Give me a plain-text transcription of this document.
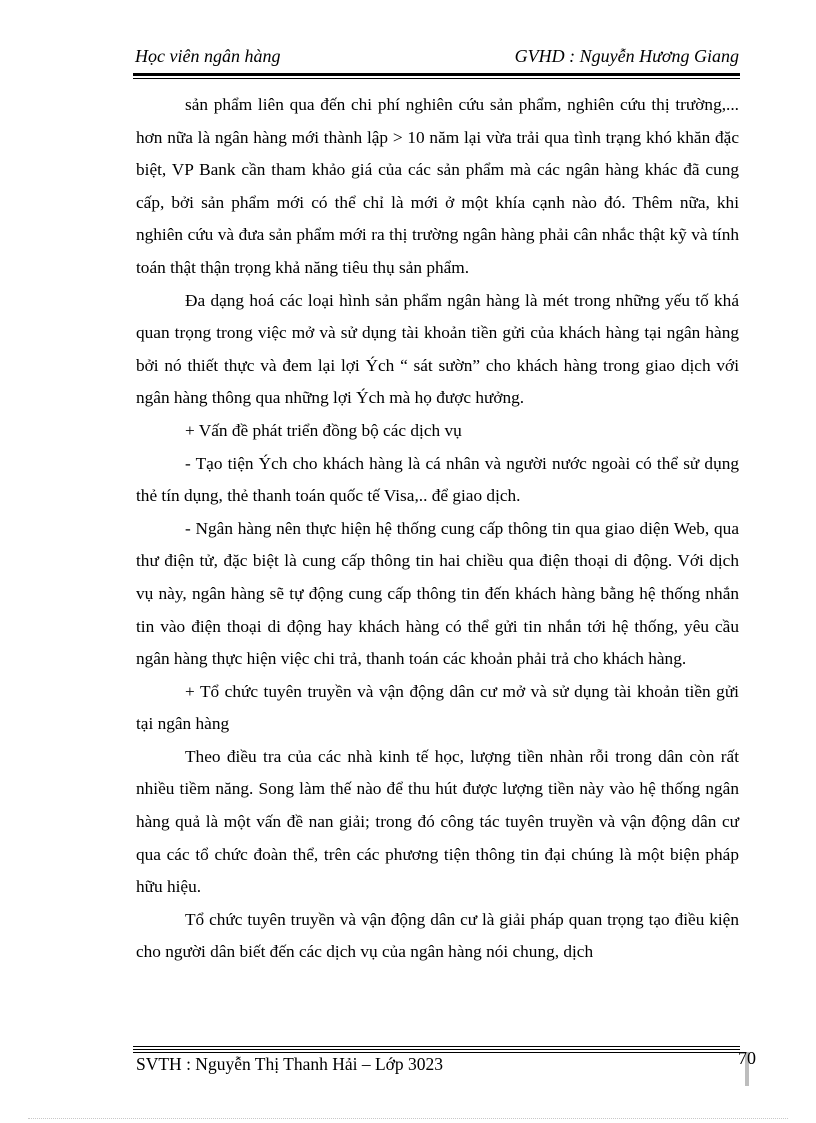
Học viên ngân hàng	GVHD : Nguyễn Hương Giang

sản phẩm liên qua đến chi phí nghiên cứu sản phẩm, nghiên cứu thị trường,... hơn nữa là ngân hàng mới thành lập > 10 năm lại vừa trải qua tình trạng khó khăn đặc biệt, VP Bank cần tham khảo giá của các sản phẩm mà các ngân hàng khác đã cung cấp, bởi sản phẩm mới có thể chỉ là mới ở một khía cạnh nào đó. Thêm nữa, khi nghiên cứu và đưa sản phẩm mới ra thị trường ngân hàng phải cân nhắc thật kỹ và tính toán thật thận trọng khả năng tiêu thụ sản phẩm.

Đa dạng hoá các loại hình sản phẩm ngân hàng là mét trong những yếu tố khá quan trọng trong việc mở và sử dụng tài khoản tiền gửi của khách hàng tại ngân hàng bởi nó thiết thực và đem lại lợi Ých “ sát sườn” cho khách hàng trong giao dịch với ngân hàng thông qua những lợi Ých mà họ được hưởng.

+ Vấn đề phát triển đồng bộ các dịch vụ

- Tạo tiện Ých cho khách hàng là cá nhân và người nước ngoài có thể sử dụng thẻ tín dụng, thẻ thanh toán quốc tế Visa,.. để giao dịch.

- Ngân hàng nên thực hiện hệ thống cung cấp thông tin qua giao diện Web, qua thư điện tử, đặc biệt là cung cấp thông tin hai chiều qua điện thoại di động. Với dịch vụ này, ngân hàng sẽ tự động cung cấp thông tin đến khách hàng bằng hệ thống nhắn tin vào điện thoại di động hay khách hàng có thể gửi tin nhắn tới hệ thống, yêu cầu ngân hàng thực hiện việc chi trả, thanh toán các khoản phải trả cho khách hàng.

+ Tổ chức tuyên truyền và vận động dân cư mở và sử dụng tài khoản tiền gửi tại ngân hàng

Theo điều tra của các nhà kinh tế học, lượng tiền nhàn rỗi trong dân còn rất nhiều tiềm năng. Song làm thế nào để thu hút được lượng tiền này vào hệ thống ngân hàng quả là một vấn đề nan giải; trong đó công tác tuyên truyền và vận động dân cư qua các tổ chức đoàn thể, trên các phương tiện thông tin đại chúng là một biện pháp hữu hiệu.

Tổ chức tuyên truyền và vận động dân cư là giải pháp quan trọng tạo điều kiện cho người dân biết đến các dịch vụ của ngân hàng nói chung, dịch

SVTH : Nguyễn Thị Thanh Hải – Lớp 3023	70
